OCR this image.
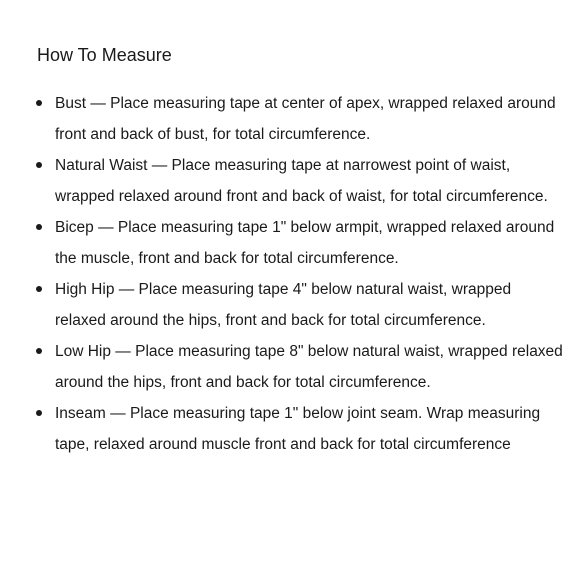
How To Measure
Bust — Place measuring tape at center of apex, wrapped relaxed around front and back of bust, for total circumference.
Natural Waist — Place measuring tape at narrowest point of waist, wrapped relaxed around front and back of waist, for total circumference.
Bicep — Place measuring tape 1" below armpit, wrapped relaxed around the muscle, front and back for total circumference.
High Hip — Place measuring tape 4" below natural waist, wrapped relaxed around the hips, front and back for total circumference.
Low Hip — Place measuring tape 8" below natural waist, wrapped relaxed around the hips, front and back for total circumference.
Inseam — Place measuring tape 1" below joint seam. Wrap measuring tape, relaxed around muscle front and back for total circumference
